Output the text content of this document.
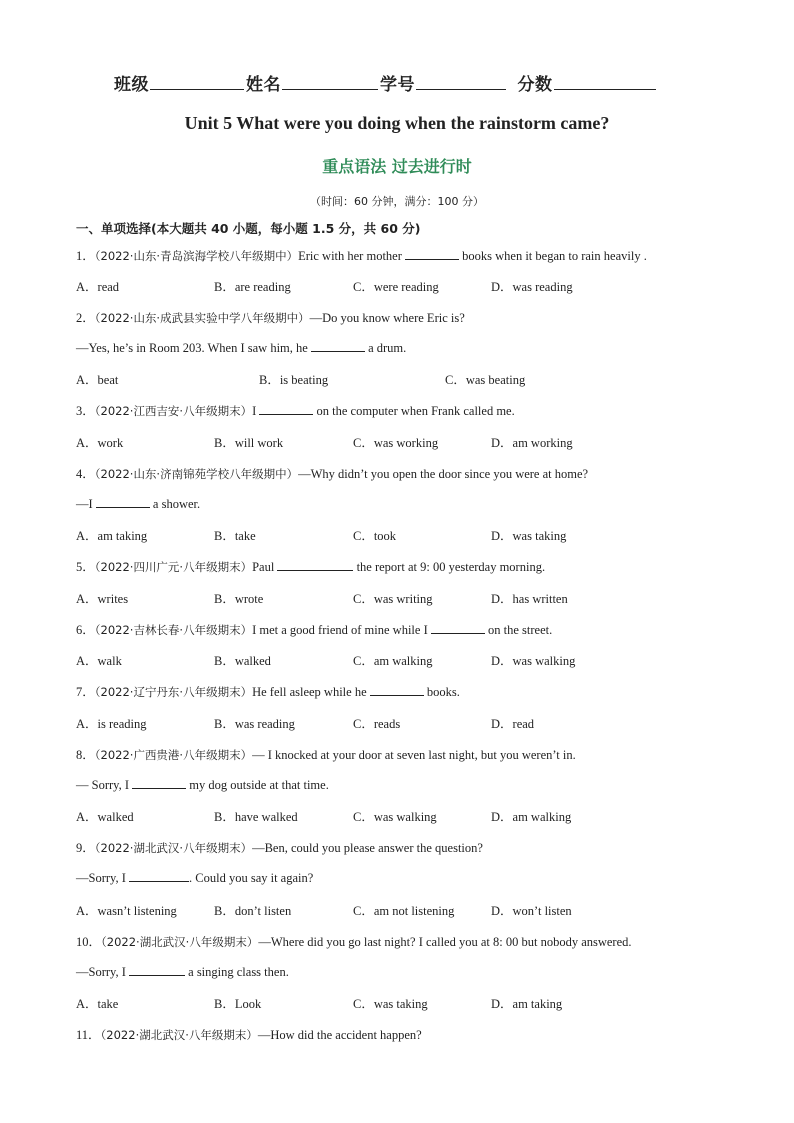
班级	姓名	学号	分数
Unit 5 What were you doing when the rainstorm came?
重点语法 过去进行时
（时间：60 分钟，满分：100 分）
一、单项选择(本大题共 40 小题，每小题 1.5 分，共 60 分)
1．（2022·山东·青岛滨海学校八年级期中）Eric with her mother	books when it began to rain heavily .
A．read	B．are reading	C．were reading	D．was reading
2．（2022·山东·成武县实验中学八年级期中）—Do you know where Eric is?
—Yes, he’s in Room 203. When I saw him, he	a drum.
A．beat	B．is beating	C．was beating
3．（2022·江西吉安·八年级期末）I	on the computer when Frank called me.
A．work	B．will work	C．was working	D．am working
4．（2022·山东·济南锦苑学校八年级期中）—Why didn’t you open the door since you were at home?
—I	a shower.
A．am taking	B．take	C．took	D．was taking
5．（2022·四川广元·八年级期末）Paul	the report at 9: 00 yesterday morning.
A．writes	B．wrote	C．was writing	D．has written
6．（2022·吉林长春·八年级期末）I met a good friend of mine while I	on the street.
A．walk	B．walked	C．am walking	D．was walking
7．（2022·辽宁丹东·八年级期末）He fell asleep while he	books.
A．is reading	B．was reading	C．reads	D．read
8．（2022·广西贵港·八年级期末）— I knocked at your door at seven last night, but you weren’t in.
— Sorry, I	my dog outside at that time.
A．walked	B．have walked	C．was walking	D．am walking
9．（2022·湖北武汉·八年级期末）—Ben, could you please answer the question?
—Sorry, I	. Could you say it again?
A．wasn’t listening	B．don’t listen	C．am not listening	D．won’t listen
10．（2022·湖北武汉·八年级期末）—Where did you go last night? I called you at 8: 00 but nobody answered.
—Sorry, I	a singing class then.
A．take	B．Look	C．was taking	D．am taking
11．（2022·湖北武汉·八年级期末）—How did the accident happen?
